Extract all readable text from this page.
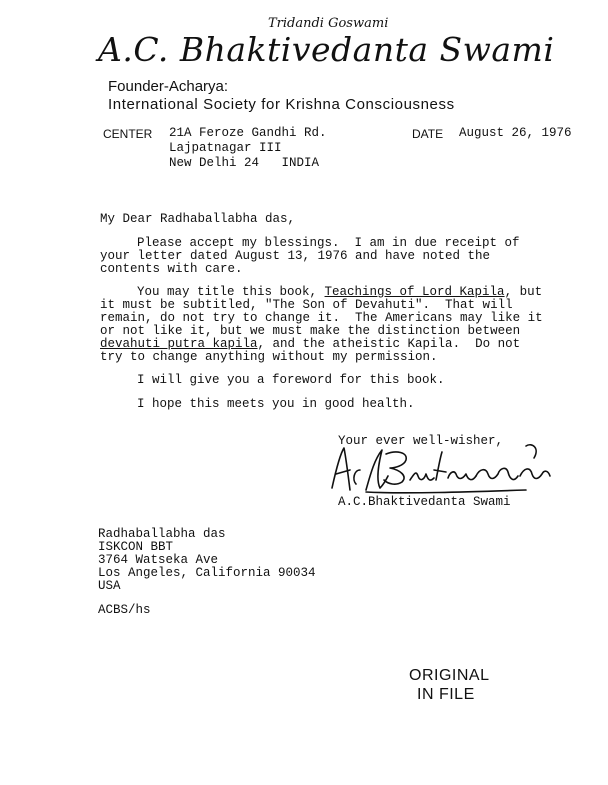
Tridandi Goswami
A.C. Bhaktivedanta Swami
Founder-Acharya:
International Society for Krishna Consciousness
CENTER 21A Feroze Gandhi Rd.
Lajpatnagar III
New Delhi 24   INDIA
DATE August 26, 1976
My Dear Radhaballabha das,
Please accept my blessings.  I am in due receipt of
your letter dated August 13, 1976 and have noted the
contents with care.
You may title this book, Teachings of Lord Kapila, but
it must be subtitled, "The Son of Devahuti".  That will
remain, do not try to change it.  The Americans may like it
or not like it, but we must make the distinction between
devahuti putra kapila, and the atheistic Kapila.  Do not
try to change anything without my permission.
I will give you a foreword for this book.
I hope this meets you in good health.
Your ever well-wisher,
A.C.Bhaktivedanta Swami
Radhaballabha das
ISKCON BBT
3764 Watseka Ave
Los Angeles, California 90034
USA
ACBS/hs
ORIGINAL
IN FILE
